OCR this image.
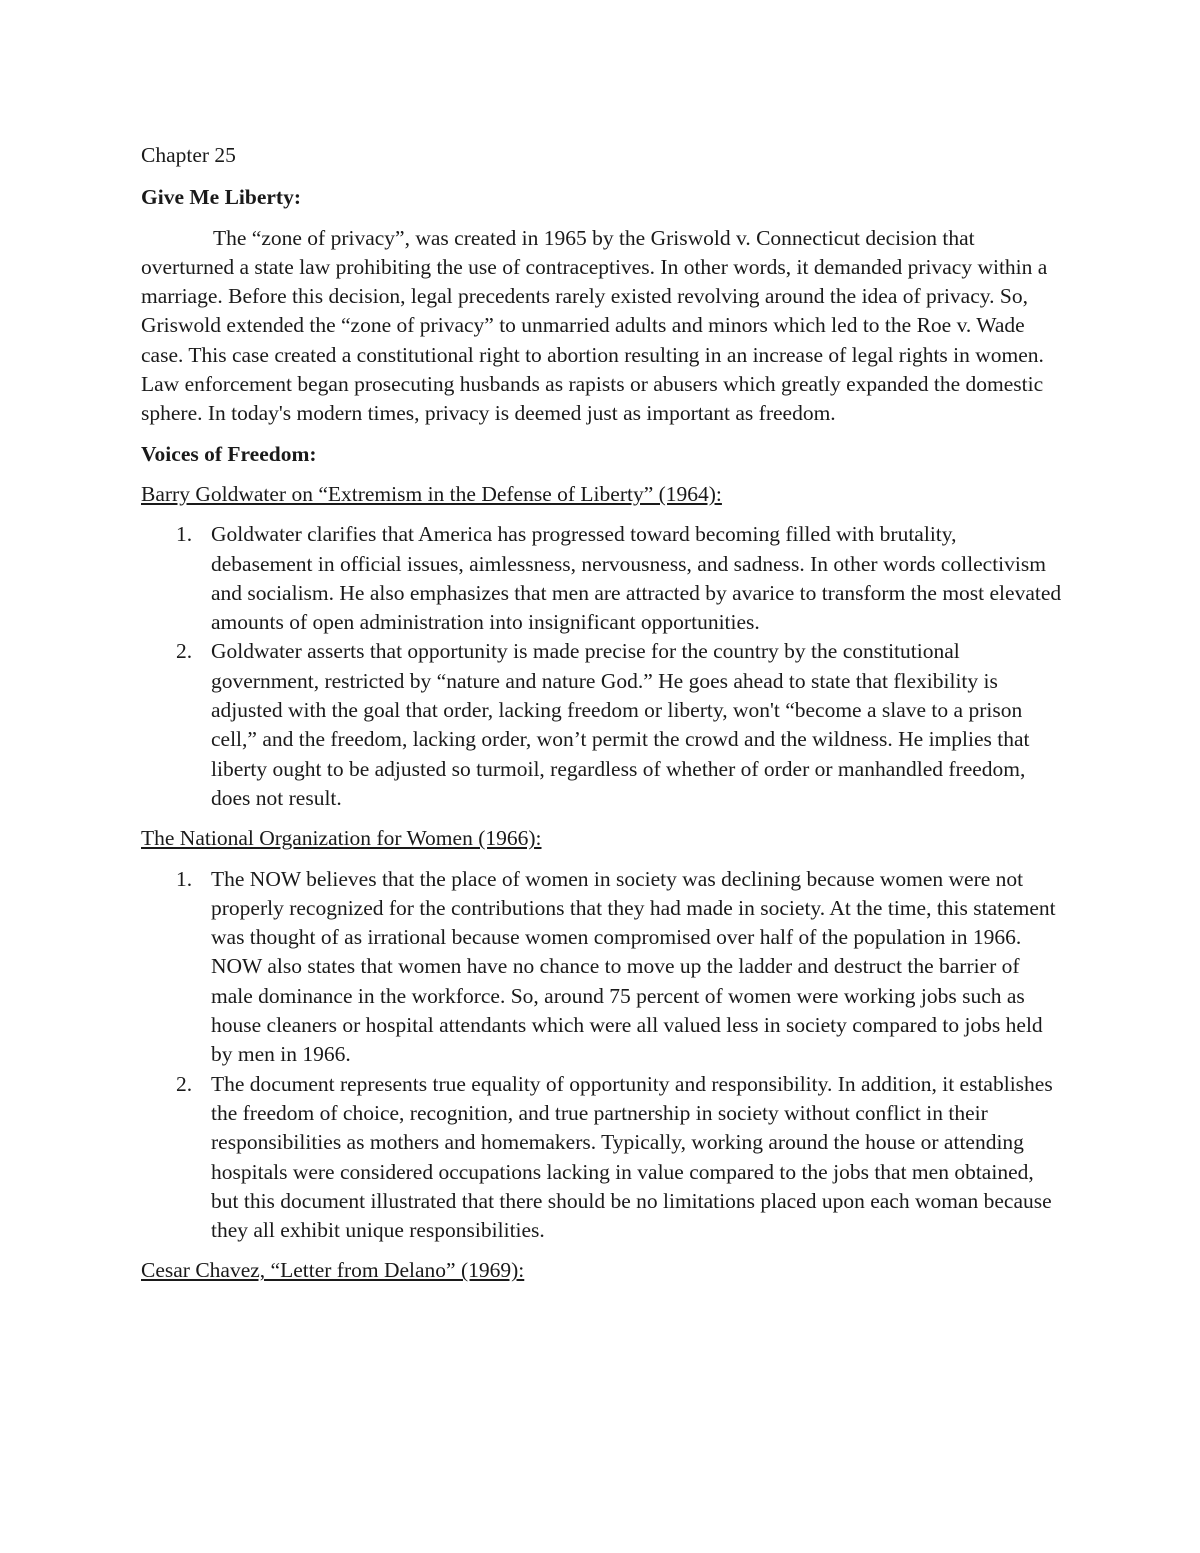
Chapter 25
Give Me Liberty:
The “zone of privacy”, was created in 1965 by the Griswold v. Connecticut decision that overturned a state law prohibiting the use of contraceptives. In other words, it demanded privacy within a marriage. Before this decision, legal precedents rarely existed revolving around the idea of privacy. So, Griswold extended the “zone of privacy” to unmarried adults and minors which led to the Roe v. Wade case. This case created a constitutional right to abortion resulting in an increase of legal rights in women. Law enforcement began prosecuting husbands as rapists or abusers which greatly expanded the domestic sphere. In today's modern times, privacy is deemed just as important as freedom.
Voices of Freedom:
Barry Goldwater on “Extremism in the Defense of Liberty” (1964):
1. Goldwater clarifies that America has progressed toward becoming filled with brutality, debasement in official issues, aimlessness, nervousness, and sadness. In other words collectivism and socialism. He also emphasizes that men are attracted by avarice to transform the most elevated amounts of open administration into insignificant opportunities.
2. Goldwater asserts that opportunity is made precise for the country by the constitutional government, restricted by “nature and nature God.” He goes ahead to state that flexibility is adjusted with the goal that order, lacking freedom or liberty, won't “become a slave to a prison cell,” and the freedom, lacking order, won’t permit the crowd and the wildness. He implies that liberty ought to be adjusted so turmoil, regardless of whether of order or manhandled freedom, does not result.
The National Organization for Women (1966):
1. The NOW believes that the place of women in society was declining because women were not properly recognized for the contributions that they had made in society. At the time, this statement was thought of as irrational because women compromised over half of the population in 1966. NOW also states that women have no chance to move up the ladder and destruct the barrier of male dominance in the workforce. So, around 75 percent of women were working jobs such as house cleaners or hospital attendants which were all valued less in society compared to jobs held by men in 1966.
2. The document represents true equality of opportunity and responsibility. In addition, it establishes the freedom of choice, recognition, and true partnership in society without conflict in their responsibilities as mothers and homemakers. Typically, working around the house or attending hospitals were considered occupations lacking in value compared to the jobs that men obtained, but this document illustrated that there should be no limitations placed upon each woman because they all exhibit unique responsibilities.
Cesar Chavez, “Letter from Delano” (1969):
